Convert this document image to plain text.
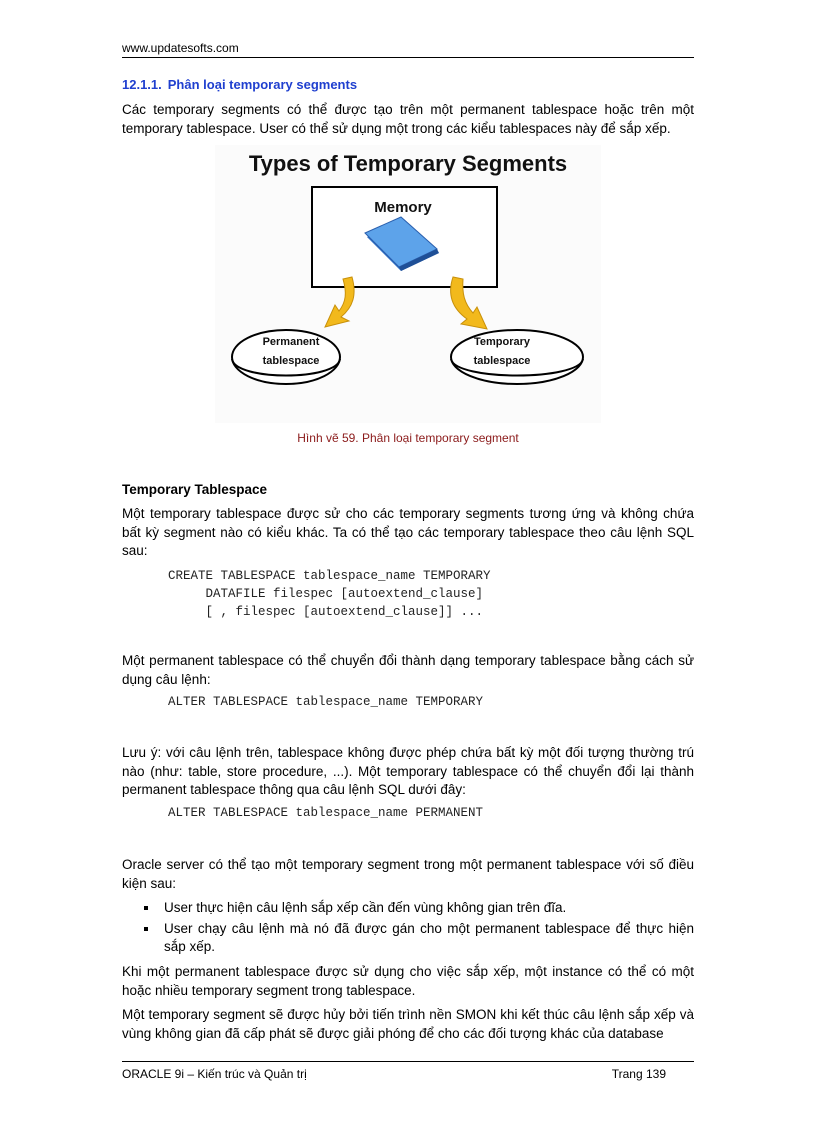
www.updatesofts.com
12.1.1. Phân loại temporary segments
Các temporary segments có thể được tạo trên một permanent tablespace hoặc trên một temporary tablespace. User có thể sử dụng một trong các kiểu tablespaces này để sắp xếp.
Types of Temporary Segments
Memory
Permanent
tablespace
Temporary
tablespace
Hình vẽ 59. Phân loại temporary segment
Temporary Tablespace
Một temporary tablespace được sử cho các temporary segments tương ứng và không chứa bất kỳ segment nào có kiểu khác. Ta có thể tạo các temporary tablespace theo câu lệnh SQL sau:
CREATE TABLESPACE tablespace_name TEMPORARY
DATAFILE filespec [autoextend_clause]
[ , filespec [autoextend_clause]] ...
Một permanent tablespace có thể chuyển đổi thành dạng temporary tablespace bằng cách sử dụng câu lệnh:
ALTER TABLESPACE tablespace_name TEMPORARY
Lưu ý: với câu lệnh trên, tablespace không được phép chứa bất kỳ một đối tượng thường trú nào (như: table, store procedure, ...). Một temporary tablespace có thể chuyển đổi lại thành permanent tablespace thông qua câu lệnh SQL dưới đây:
ALTER TABLESPACE tablespace_name PERMANENT
Oracle server có thể tạo một temporary segment trong một permanent tablespace với số điều kiện sau:
User thực hiện câu lệnh sắp xếp cần đến vùng không gian trên đĩa.
User chạy câu lệnh mà nó đã được gán cho một permanent tablespace để thực hiện sắp xếp.
Khi một permanent tablespace được sử dụng cho việc sắp xếp, một instance có thể có một hoặc nhiều temporary segment trong tablespace.
Một temporary segment sẽ được hủy bởi tiến trình nền SMON khi kết thúc câu lệnh sắp xếp và vùng không gian đã cấp phát sẽ được giải phóng để cho các đối tượng khác của database
ORACLE 9i – Kiến trúc và Quản trị	Trang 139
